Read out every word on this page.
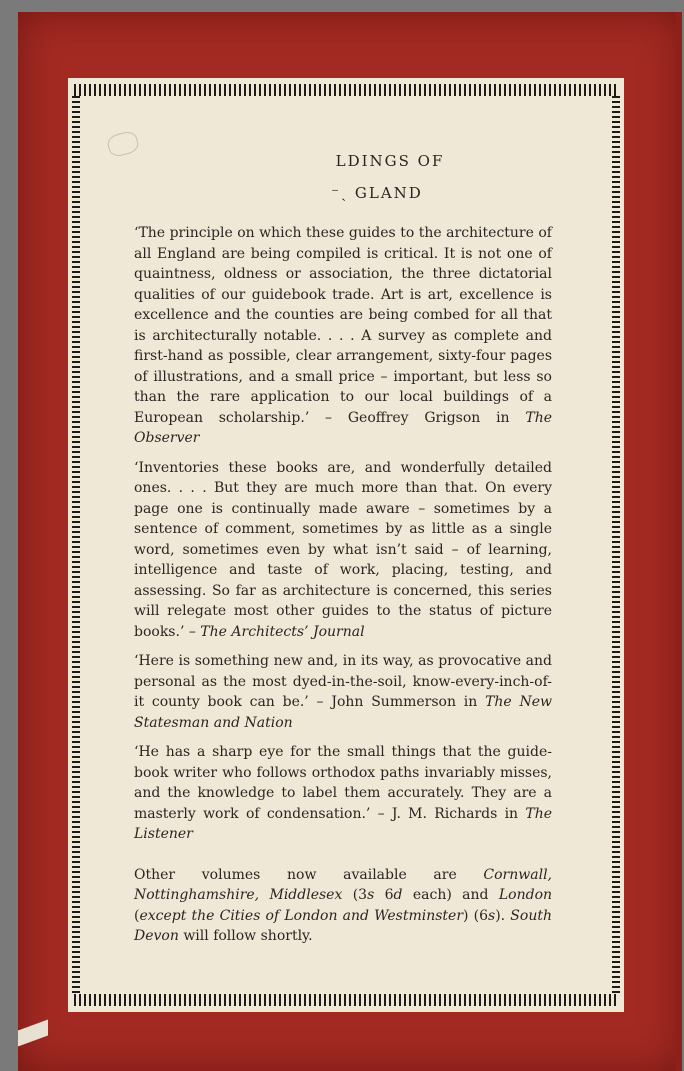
LDINGS OF
⁻ˎ GLAND

‘The principle on which these guides to the architecture of all England are being compiled is critical. It is not one of quaintness, oldness or association, the three dictatorial qualities of our guidebook trade. Art is art, excellence is excellence and the counties are being combed for all that is architecturally notable. . . . A survey as complete and first-hand as possible, clear arrangement, sixty-four pages of illustrations, and a small price – important, but less so than the rare application to our local buildings of a European scholarship.’ – Geoffrey Grigson in The Observer

‘Inventories these books are, and wonderfully detailed ones. . . . But they are much more than that. On every page one is continually made aware – sometimes by a sentence of comment, sometimes by as little as a single word, sometimes even by what isn’t said – of learning, intelligence and taste of work, placing, testing, and assessing. So far as architecture is concerned, this series will relegate most other guides to the status of picture books.’ – The Architects’ Journal

‘Here is something new and, in its way, as provocative and personal as the most dyed-in-the-soil, know-every-inch-of-it county book can be.’ – John Summerson in The New Statesman and Nation

‘He has a sharp eye for the small things that the guide-book writer who follows orthodox paths invariably misses, and the knowledge to label them accurately. They are a masterly work of condensation.’ – J. M. Richards in The Listener

Other volumes now available are Cornwall, Nottinghamshire, Middlesex (3s 6d each) and London (except the Cities of London and Westminster) (6s). South Devon will follow shortly.
